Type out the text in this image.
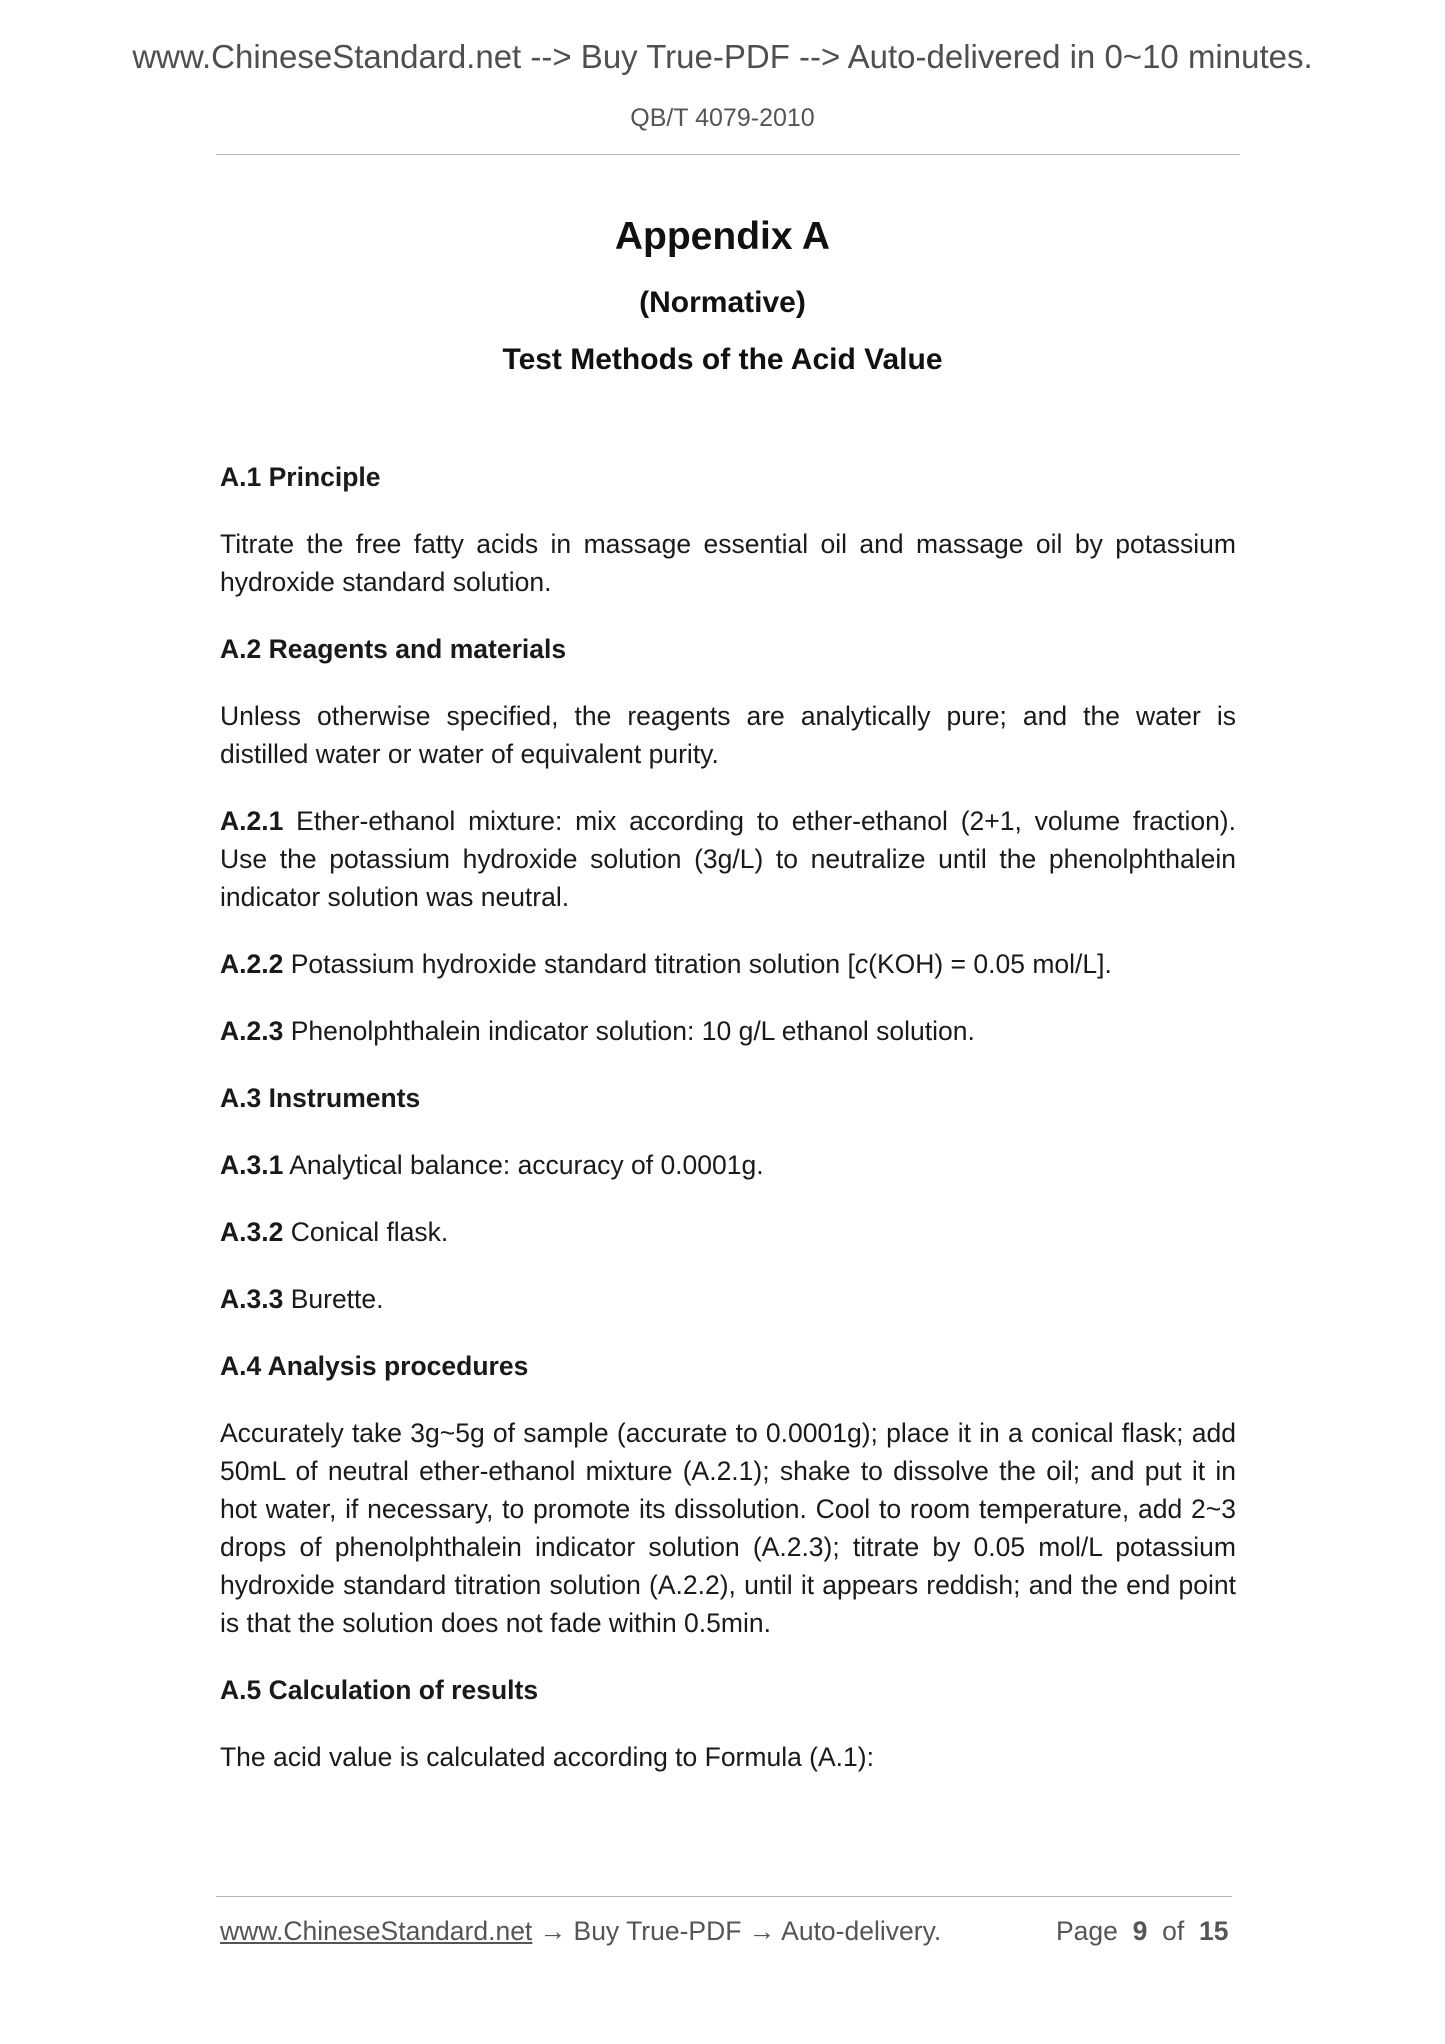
www.ChineseStandard.net --> Buy True-PDF --> Auto-delivered in 0~10 minutes.
QB/T 4079-2010
Appendix A
(Normative)
Test Methods of the Acid Value

A.1 Principle

Titrate the free fatty acids in massage essential oil and massage oil by potassium hydroxide standard solution.

A.2 Reagents and materials

Unless otherwise specified, the reagents are analytically pure; and the water is distilled water or water of equivalent purity.

A.2.1 Ether-ethanol mixture: mix according to ether-ethanol (2+1, volume fraction). Use the potassium hydroxide solution (3g/L) to neutralize until the phenolphthalein indicator solution was neutral.

A.2.2 Potassium hydroxide standard titration solution [c(KOH) = 0.05 mol/L].

A.2.3 Phenolphthalein indicator solution: 10 g/L ethanol solution.

A.3 Instruments

A.3.1 Analytical balance: accuracy of 0.0001g.

A.3.2 Conical flask.

A.3.3 Burette.

A.4 Analysis procedures

Accurately take 3g~5g of sample (accurate to 0.0001g); place it in a conical flask; add 50mL of neutral ether-ethanol mixture (A.2.1); shake to dissolve the oil; and put it in hot water, if necessary, to promote its dissolution. Cool to room temperature, add 2~3 drops of phenolphthalein indicator solution (A.2.3); titrate by 0.05 mol/L potassium hydroxide standard titration solution (A.2.2), until it appears reddish; and the end point is that the solution does not fade within 0.5min.

A.5 Calculation of results

The acid value is calculated according to Formula (A.1):

www.ChineseStandard.net → Buy True-PDF → Auto-delivery.	Page 9 of 15
